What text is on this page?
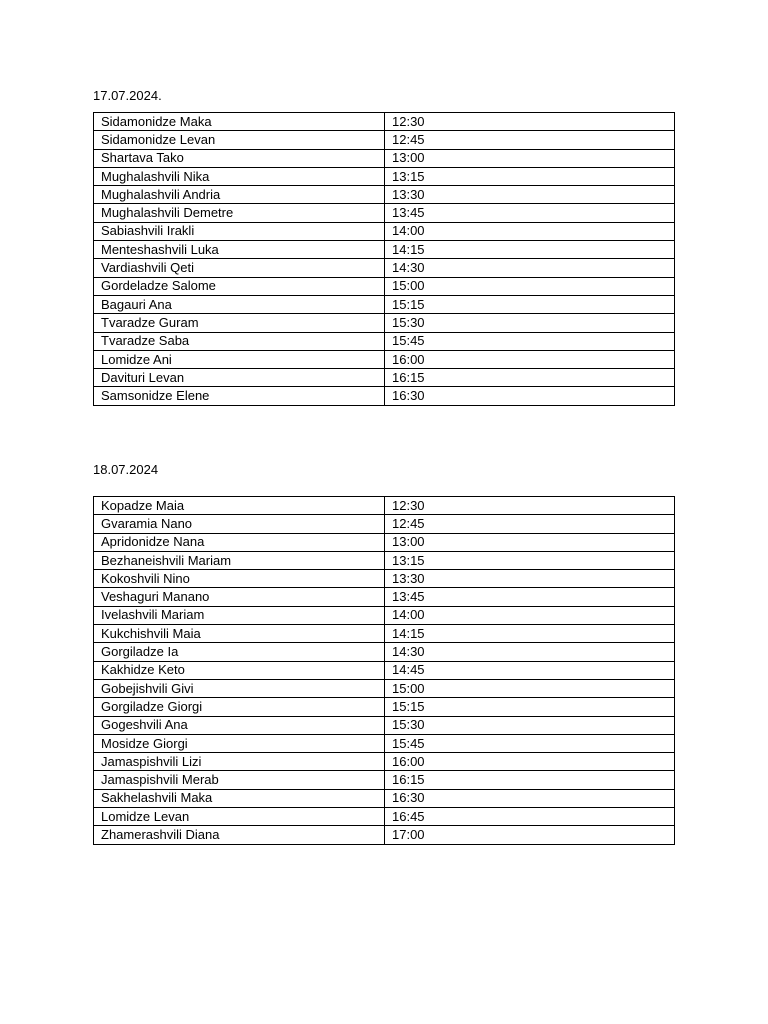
17.07.2024.
Sidamonidze Maka	12:30
Sidamonidze Levan	12:45
Shartava Tako	13:00
Mughalashvili Nika	13:15
Mughalashvili Andria	13:30
Mughalashvili Demetre	13:45
Sabiashvili Irakli	14:00
Menteshashvili Luka	14:15
Vardiashvili Qeti	14:30
Gordeladze Salome	15:00
Bagauri Ana	15:15
Tvaradze Guram	15:30
Tvaradze Saba	15:45
Lomidze Ani	16:00
Davituri Levan	16:15
Samsonidze Elene	16:30
18.07.2024
Kopadze Maia	12:30
Gvaramia Nano	12:45
Apridonidze Nana	13:00
Bezhaneishvili Mariam	13:15
Kokoshvili Nino	13:30
Veshaguri Manano	13:45
Ivelashvili Mariam	14:00
Kukchishvili Maia	14:15
Gorgiladze Ia	14:30
Kakhidze Keto	14:45
Gobejishvili Givi	15:00
Gorgiladze Giorgi	15:15
Gogeshvili Ana	15:30
Mosidze Giorgi	15:45
Jamaspishvili Lizi	16:00
Jamaspishvili Merab	16:15
Sakhelashvili Maka	16:30
Lomidze Levan	16:45
Zhamerashvili Diana	17:00
